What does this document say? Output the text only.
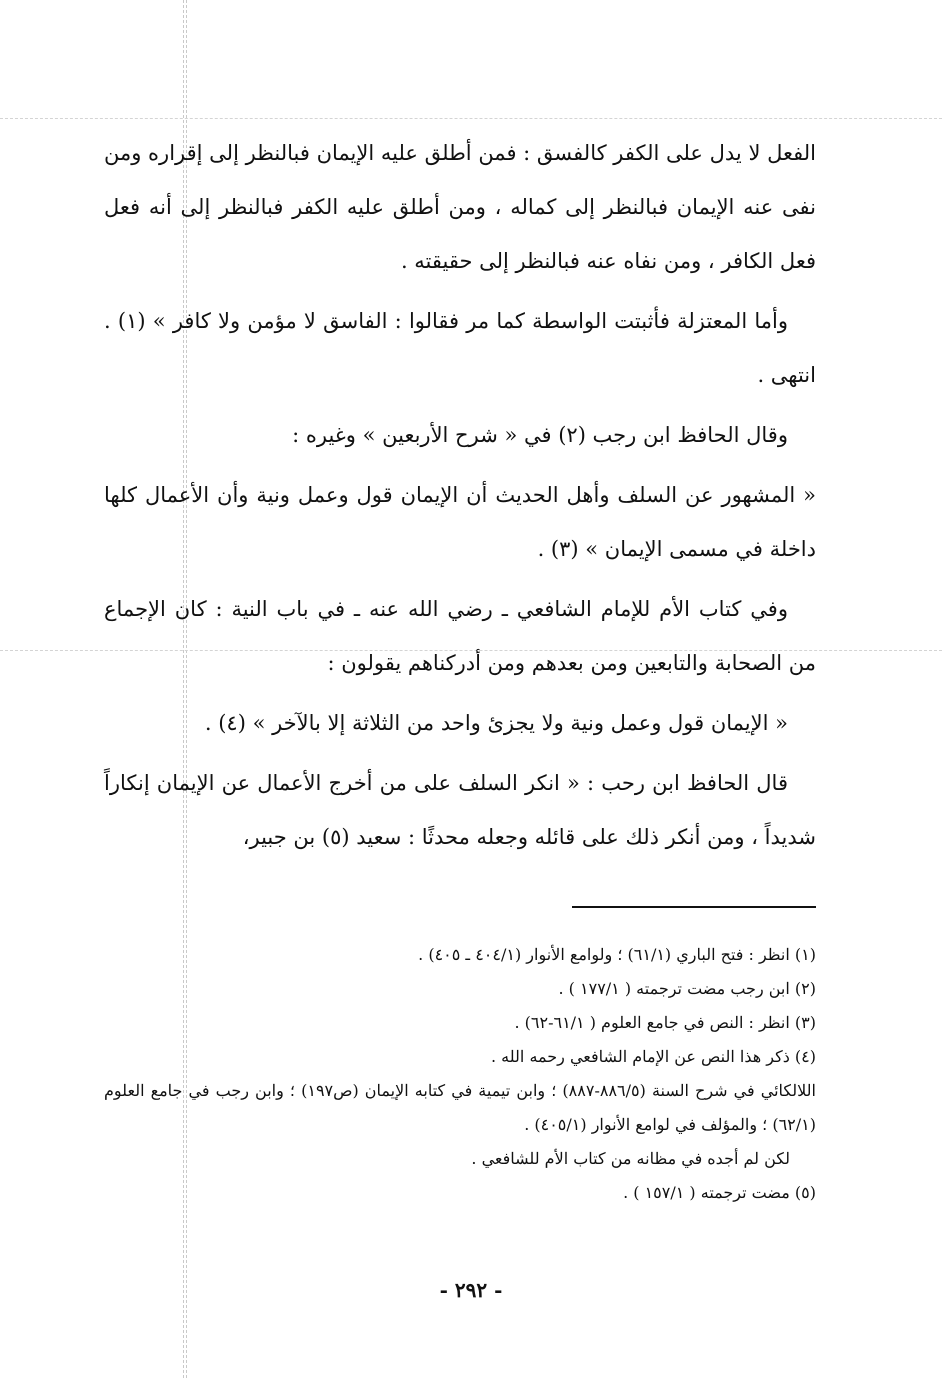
الفعل لا يدل على الكفر كالفسق : فمن أطلق عليه الإيمان فبالنظر إلى إقراره ومن نفى عنه الإيمان فبالنظر إلى كماله ، ومن أطلق عليه الكفر فبالنظر إلى أنه فعل فعل الكافر ، ومن نفاه عنه فبالنظر إلى حقيقته .

وأما المعتزلة فأثبتت الواسطة كما مر فقالوا : الفاسق لا مؤمن ولا كافر » (١) . انتهى .

وقال الحافظ ابن رجب (٢) في « شرح الأربعين » وغيره :

« المشهور عن السلف وأهل الحديث أن الإيمان قول وعمل ونية وأن الأعمال كلها داخلة في مسمى الإيمان » (٣) .

وفي كتاب الأم للإمام الشافعي ـ رضي الله عنه ـ في باب النية : كان الإجماع من الصحابة والتابعين ومن بعدهم ومن أدركناهم يقولون :

« الإيمان قول وعمل ونية ولا يجزئ واحد من الثلاثة إلا بالآخر » (٤) .

قال الحافظ ابن رحب : « انكر السلف على من أخرج الأعمال عن الإيمان إنكاراً شديداً ، ومن أنكر ذلك على قائله وجعله محدثًا : سعيد (٥) بن جبير،

(١) انظر : فتح الباري (٦١/١) ؛ ولوامع الأنوار (٤٠٤/١ ـ ٤٠٥) .

(٢) ابن رجب مضت ترجمته ( ١٧٧/١ ) .

(٣) انظر : النص في جامع العلوم ( ٦١/١-٦٢) .

(٤) ذكر هذا النص عن الإمام الشافعي رحمه الله .

اللالكائي في شرح السنة (٨٨٦/٥-٨٨٧) ؛ وابن تيمية في كتابه الإيمان (ص١٩٧) ؛ وابن رجب في جامع العلوم (٦٢/١) ؛ والمؤلف في لوامع الأنوار (٤٠٥/١) .

لكن لم أجده في مظانه من كتاب الأم للشافعي .

(٥) مضت ترجمته ( ١٥٧/١ ) .

- ٢٩٢ -
